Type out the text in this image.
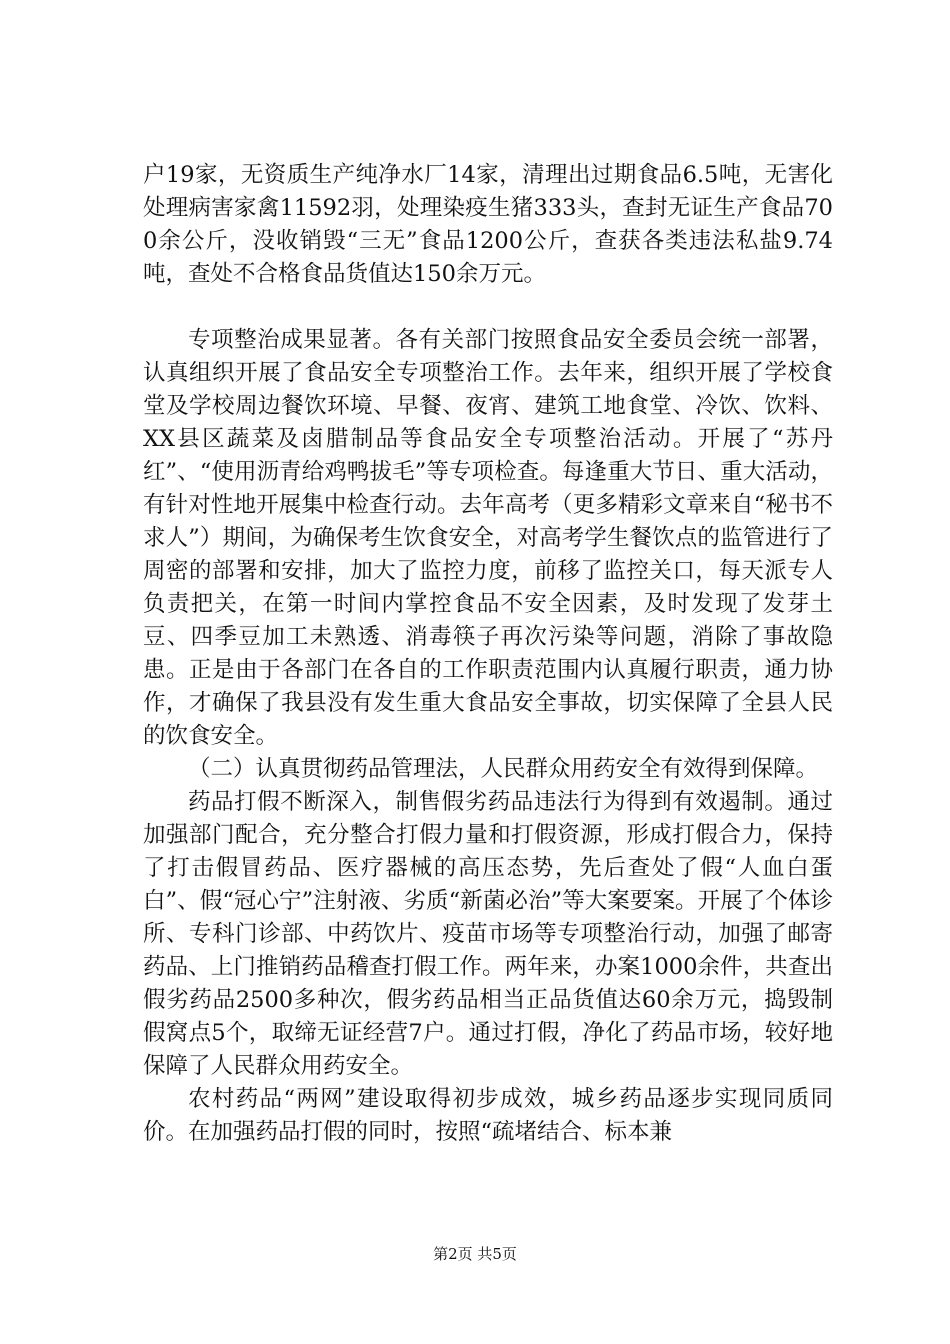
户19家，无资质生产纯净水厂14家，清理出过期食品6.5吨，无害化处理病害家禽11592羽，处理染疫生猪333头，查封无证生产食品700余公斤，没收销毁“三无”食品1200公斤，查获各类违法私盐9.74吨，查处不合格食品货值达150余万元。

专项整治成果显著。各有关部门按照食品安全委员会统一部署，认真组织开展了食品安全专项整治工作。去年来，组织开展了学校食堂及学校周边餐饮环境、早餐、夜宵、建筑工地食堂、冷饮、饮料、XX县区蔬菜及卤腊制品等食品安全专项整治活动。开展了“苏丹红”、“使用沥青给鸡鸭拔毛”等专项检查。每逢重大节日、重大活动，有针对性地开展集中检查行动。去年高考（更多精彩文章来自“秘书不求人”）期间，为确保考生饮食安全，对高考学生餐饮点的监管进行了周密的部署和安排，加大了监控力度，前移了监控关口，每天派专人负责把关，在第一时间内掌控食品不安全因素，及时发现了发芽土豆、四季豆加工未熟透、消毒筷子再次污染等问题，消除了事故隐患。正是由于各部门在各自的工作职责范围内认真履行职责，通力协作，才确保了我县没有发生重大食品安全事故，切实保障了全县人民的饮食安全。

（二）认真贯彻药品管理法，人民群众用药安全有效得到保障。

药品打假不断深入，制售假劣药品违法行为得到有效遏制。通过加强部门配合，充分整合打假力量和打假资源，形成打假合力，保持了打击假冒药品、医疗器械的高压态势，先后查处了假“人血白蛋白”、假“冠心宁”注射液、劣质“新菌必治”等大案要案。开展了个体诊所、专科门诊部、中药饮片、疫苗市场等专项整治行动，加强了邮寄药品、上门推销药品稽查打假工作。两年来，办案1000余件，共查出假劣药品2500多种次，假劣药品相当正品货值达60余万元，捣毁制假窝点5个，取缔无证经营7户。通过打假，净化了药品市场，较好地保障了人民群众用药安全。

农村药品“两网”建设取得初步成效，城乡药品逐步实现同质同价。在加强药品打假的同时，按照“疏堵结合、标本兼

第2页 共5页
